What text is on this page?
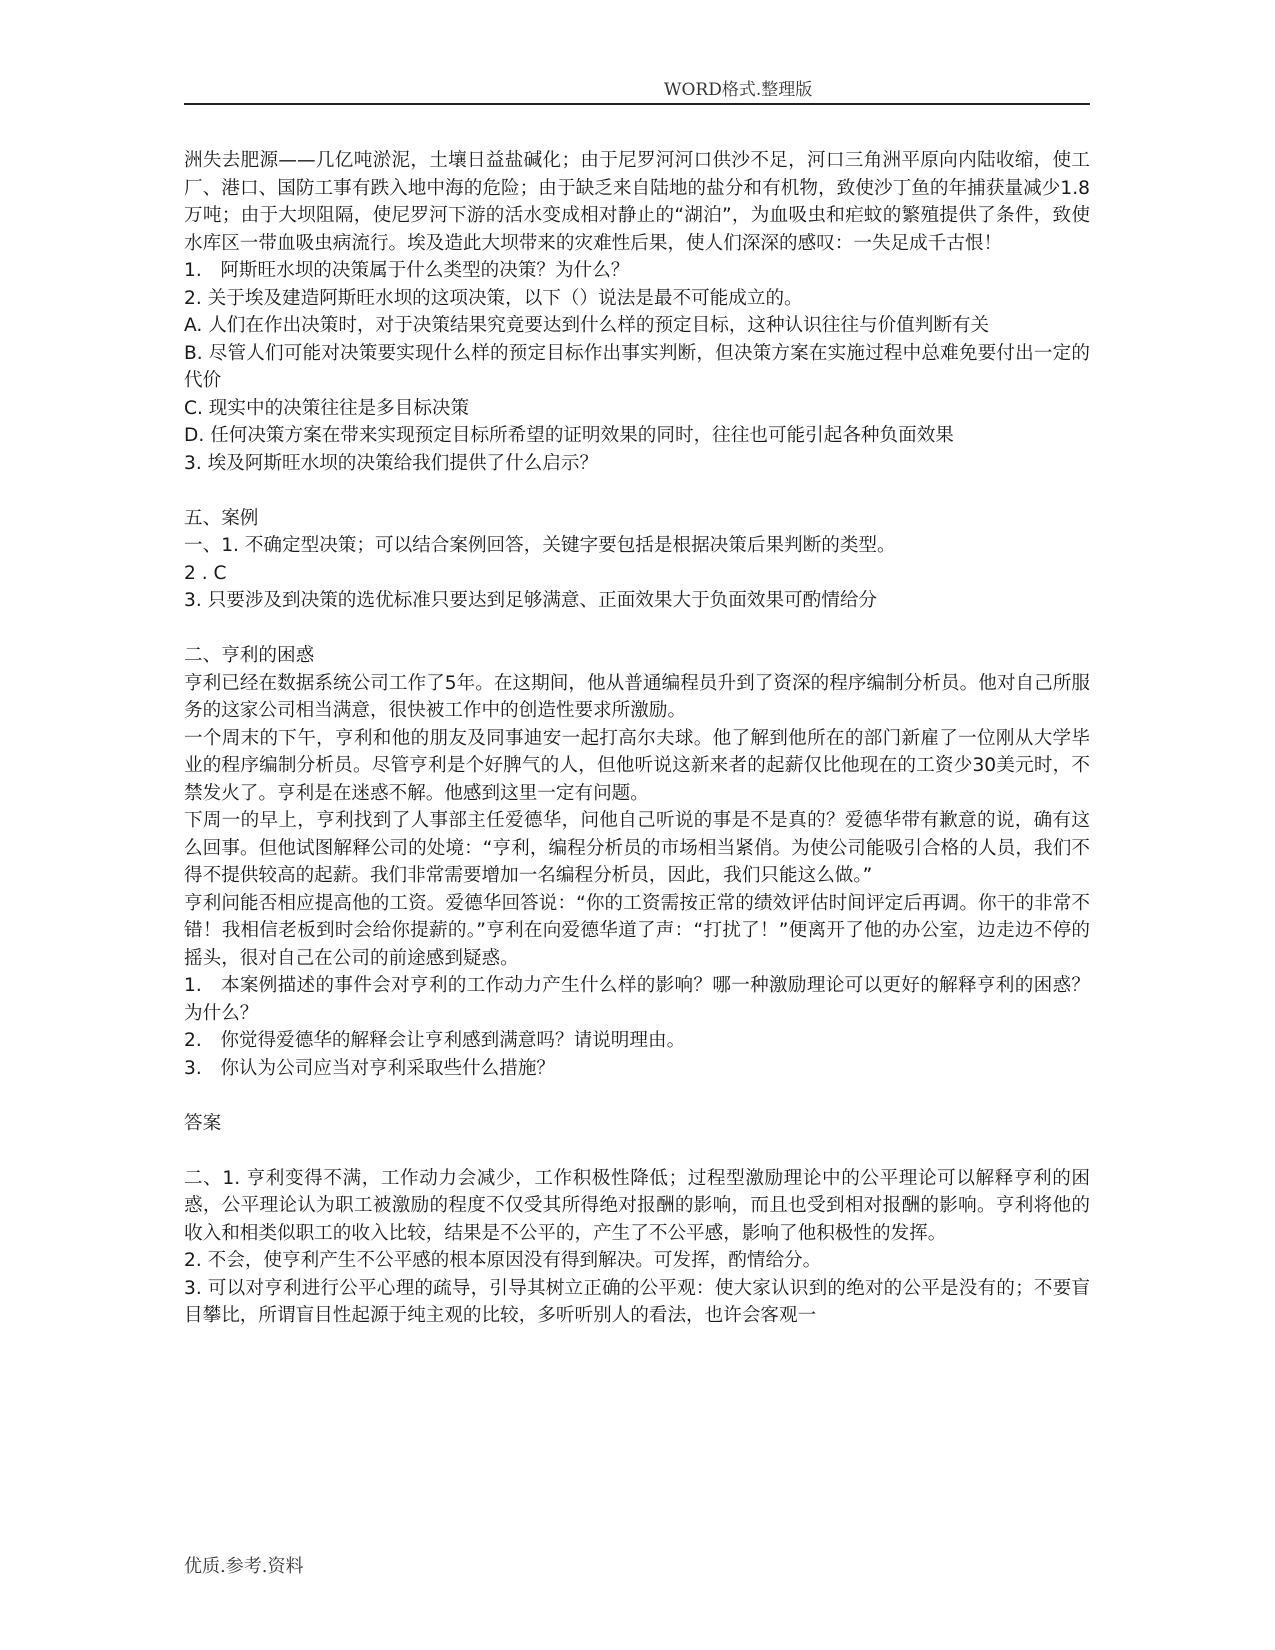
WORD格式.整理版

洲失去肥源——几亿吨淤泥，土壤日益盐碱化；由于尼罗河河口供沙不足，河口三角洲平原向内陆收缩，使工厂、港口、国防工事有跌入地中海的危险；由于缺乏来自陆地的盐分和有机物，致使沙丁鱼的年捕获量减少1.8万吨；由于大坝阻隔，使尼罗河下游的活水变成相对静止的“湖泊”，为血吸虫和疟蚊的繁殖提供了条件，致使水库区一带血吸虫病流行。埃及造此大坝带来的灾难性后果，使人们深深的感叹：一失足成千古恨！

1.　阿斯旺水坝的决策属于什么类型的决策？为什么？

2. 关于埃及建造阿斯旺水坝的这项决策，以下（）说法是最不可能成立的。

A. 人们在作出决策时，对于决策结果究竟要达到什么样的预定目标，这种认识往往与价值判断有关

B. 尽管人们可能对决策要实现什么样的预定目标作出事实判断，但决策方案在实施过程中总难免要付出一定的代价

C. 现实中的决策往往是多目标决策

D. 任何决策方案在带来实现预定目标所希望的证明效果的同时，往往也可能引起各种负面效果

3. 埃及阿斯旺水坝的决策给我们提供了什么启示？

五、案例

一、1. 不确定型决策；可以结合案例回答，关键字要包括是根据决策后果判断的类型。

2 . C

3. 只要涉及到决策的选优标准只要达到足够满意、正面效果大于负面效果可酌情给分

二、亨利的困惑

亨利已经在数据系统公司工作了5年。在这期间，他从普通编程员升到了资深的程序编制分析员。他对自己所服务的这家公司相当满意，很快被工作中的创造性要求所激励。

一个周末的下午，亨利和他的朋友及同事迪安一起打高尔夫球。他了解到他所在的部门新雇了一位刚从大学毕业的程序编制分析员。尽管亨利是个好脾气的人，但他听说这新来者的起薪仅比他现在的工资少30美元时，不禁发火了。亨利是在迷惑不解。他感到这里一定有问题。

下周一的早上，亨利找到了人事部主任爱德华，问他自己听说的事是不是真的？爱德华带有歉意的说，确有这么回事。但他试图解释公司的处境：“亨利，编程分析员的市场相当紧俏。为使公司能吸引合格的人员，我们不得不提供较高的起薪。我们非常需要增加一名编程分析员，因此，我们只能这么做。”

亨利问能否相应提高他的工资。爱德华回答说：“你的工资需按正常的绩效评估时间评定后再调。你干的非常不错！我相信老板到时会给你提薪的。”亨利在向爱德华道了声：“打扰了！”便离开了他的办公室，边走边不停的摇头，很对自己在公司的前途感到疑惑。

1.　本案例描述的事件会对亨利的工作动力产生什么样的影响？哪一种激励理论可以更好的解释亨利的困惑？为什么？

2.　你觉得爱德华的解释会让亨利感到满意吗？请说明理由。

3.　你认为公司应当对亨利采取些什么措施？

答案

二、1. 亨利变得不满，工作动力会减少，工作积极性降低；过程型激励理论中的公平理论可以解释亨利的困惑，公平理论认为职工被激励的程度不仅受其所得绝对报酬的影响，而且也受到相对报酬的影响。亨利将他的收入和相类似职工的收入比较，结果是不公平的，产生了不公平感，影响了他积极性的发挥。

2. 不会，使亨利产生不公平感的根本原因没有得到解决。可发挥，酌情给分。

3. 可以对亨利进行公平心理的疏导，引导其树立正确的公平观：使大家认识到的绝对的公平是没有的；不要盲目攀比，所谓盲目性起源于纯主观的比较，多听听别人的看法，也许会客观一

优质.参考.资料
